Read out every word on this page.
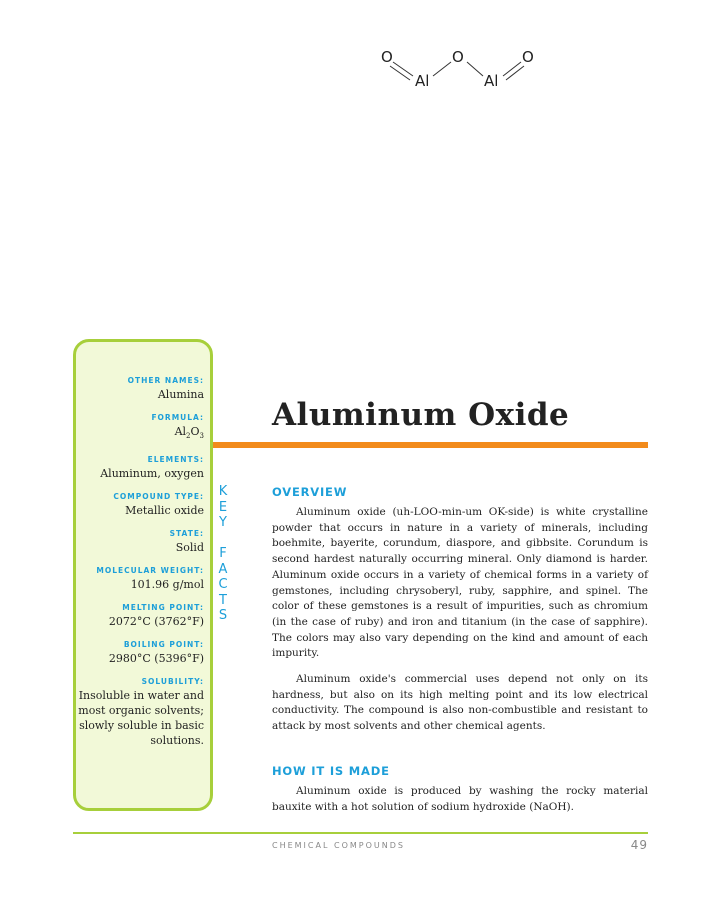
O
Al
O
Al
O
OTHER NAMES:
Alumina
FORMULA:
$Al_2O_3$
ELEMENTS:
Aluminum, oxygen
COMPOUND TYPE:
Metallic oxide
STATE:
Solid
MOLECULAR WEIGHT:
101.96 g/mol
MELTING POINT:
2072°C (3762°F)
BOILING POINT:
2980°C (5396°F)
SOLUBILITY:
Insoluble in water and most organic solvents; slowly soluble in basic solutions.
K
E
Y

F
A
C
T
S
Aluminum Oxide
OVERVIEW

Aluminum oxide (uh-LOO-min-um OK-side) is white crystalline powder that occurs in nature in a variety of minerals, including boehmite, bayerite, corundum, diaspore, and gibbsite. Corundum is second hardest naturally occurring mineral. Only diamond is harder. Aluminum oxide occurs in a variety of chemical forms in a variety of gemstones, including chrysoberyl, ruby, sapphire, and spinel. The color of these gemstones is a result of impurities, such as chromium (in the case of ruby) and iron and titanium (in the case of sapphire). The colors may also vary depending on the kind and amount of each impurity.

Aluminum oxide's commercial uses depend not only on its hardness, but also on its high melting point and its low electrical conductivity. The compound is also non-combustible and resistant to attack by most solvents and other chemical agents.

HOW IT IS MADE

Aluminum oxide is produced by washing the rocky material bauxite with a hot solution of sodium hydroxide (NaOH).

CHEMICAL COMPOUNDS	49
